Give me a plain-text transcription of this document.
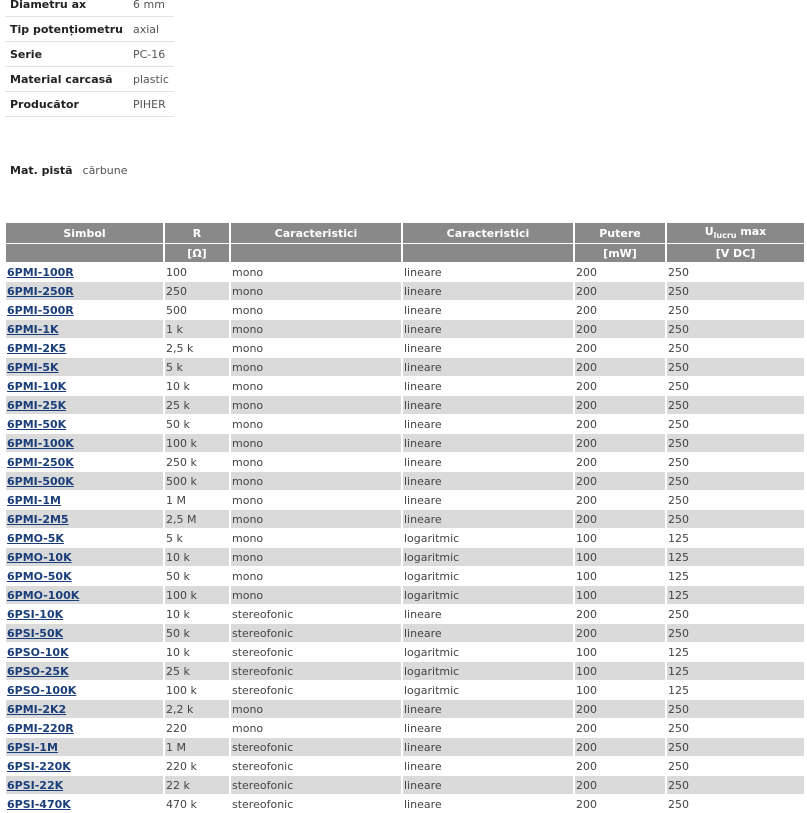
Diametru ax	6 mm
Tip potențiometru	axial
Serie	PC-16
Material carcasă	plastic
Producător	PIHER
Mat. pistă	cărbune
Simbol	R	Caracteristici	Caracteristici	Putere	$U_{lucru}$ max
	[Ω]			[mW]	[V DC]
6PMI-100R	100	mono	lineare	200	250
6PMI-250R	250	mono	lineare	200	250
6PMI-500R	500	mono	lineare	200	250
6PMI-1K	1 k	mono	lineare	200	250
6PMI-2K5	2,5 k	mono	lineare	200	250
6PMI-5K	5 k	mono	lineare	200	250
6PMI-10K	10 k	mono	lineare	200	250
6PMI-25K	25 k	mono	lineare	200	250
6PMI-50K	50 k	mono	lineare	200	250
6PMI-100K	100 k	mono	lineare	200	250
6PMI-250K	250 k	mono	lineare	200	250
6PMI-500K	500 k	mono	lineare	200	250
6PMI-1M	1 M	mono	lineare	200	250
6PMI-2M5	2,5 M	mono	lineare	200	250
6PMO-5K	5 k	mono	logaritmic	100	125
6PMO-10K	10 k	mono	logaritmic	100	125
6PMO-50K	50 k	mono	logaritmic	100	125
6PMO-100K	100 k	mono	logaritmic	100	125
6PSI-10K	10 k	stereofonic	lineare	200	250
6PSI-50K	50 k	stereofonic	lineare	200	250
6PSO-10K	10 k	stereofonic	logaritmic	100	125
6PSO-25K	25 k	stereofonic	logaritmic	100	125
6PSO-100K	100 k	stereofonic	logaritmic	100	125
6PMI-2K2	2,2 k	mono	lineare	200	250
6PMI-220R	220	mono	lineare	200	250
6PSI-1M	1 M	stereofonic	lineare	200	250
6PSI-220K	220 k	stereofonic	lineare	200	250
6PSI-22K	22 k	stereofonic	lineare	200	250
6PSI-470K	470 k	stereofonic	lineare	200	250
